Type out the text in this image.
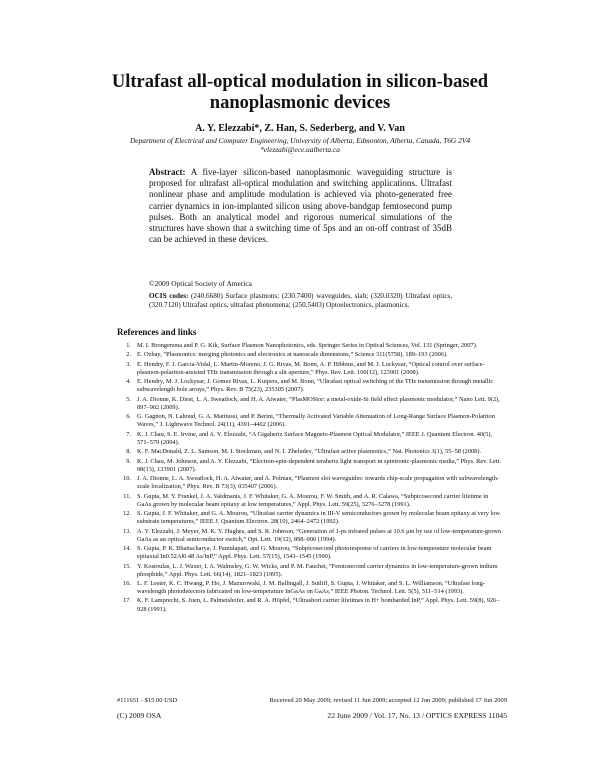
Ultrafast all-optical modulation in silicon-based nanoplasmonic devices
A. Y. Elezzabi*, Z. Han, S. Sederberg, and V. Van
Department of Electrical and Computer Engineering, University of Alberta, Edmonton, Alberta, Canada, T6G 2V4
*elezzabi@ece.ualberta.ca
Abstract: A five-layer silicon-based nanoplasmonic waveguiding structure is proposed for ultrafast all-optical modulation and switching applications. Ultrafast nonlinear phase and amplitude modulation is achieved via photo-generated free carrier dynamics in ion-implanted silicon using above-bandgap femtosecond pump pulses. Both an analytical model and rigorous numerical simulations of the structures have shown that a switching time of 5ps and an on-off contrast of 35dB can be achieved in these devices.
©2009 Optical Society of America
OCIS codes: (240.6680) Surface plasmons; (230.7400) waveguides, slab; (320.0320) Ultrafast optics, (320.7120) Ultrafast optics, ultrafast phenomena; (250.5403) Optoelectronics, plasmonics.
References and links
1. M. I. Brongersma and P. G. Kik, Surface Plasmon Nanophotonics, eds. Springer Series in Optical Sciences, Vol. 131 (Springer, 2007).
2. E. Ozbay, “Plasmonics: merging photonics and electronics at nanoscale dimensions,” Science 311(5758), 189–193 (2006).
3. E. Hendry, F. J. Garcia-Vidal, L. Martin-Moreno, J. G. Rivas, M. Bonn, A. P. Hibbins, and M. J. Lockyear, “Optical control over surface-plasmon-polariton-assisted THz transmission through a slit aperture,” Phys. Rev. Lett. 100(12), 123901 (2008).
4. E. Hendry, M. J. Lockyear, J. Gomez Rivas, L. Kuipers, and M. Bonn, “Ultrafast optical switching of the THz transmission through metallic subwavelength hole arrays,” Phys. Rev. B 75(23), 235305 (2007).
5. J. A. Dionne, K. Diest, L. A. Sweatlock, and H. A. Atwater, “PlasMOStor: a metal-oxide-Si field effect plasmonic modulator,” Nano Lett. 9(2), 897–902 (2009).
6. G. Gagnon, N. Lahoud, G. A. Mattiussi, and P. Berini, “Thermally Activated Variable Attenuation of Long-Range Surface Plasmon-Polariton Waves,” J. Lightwave Technol. 24(11), 4391–4402 (2006).
7. K. J. Chau, S. E. Irvine, and A. Y. Elezzabi, “A Gigahertz Surface Magneto-Plasmon Optical Modulator,” IEEE J. Quantum Electron. 40(5), 571–579 (2004).
8. K. F. MacDonald, Z. L. Samson, M. I. Stockman, and N. I. Zheludev, “Ultrafast active plasmonics,” Nat. Photonics 3(1), 55–58 (2008).
9. K. J. Chau, M. Johnson, and A. Y. Elezzabi, “Electron-spin-dependent terahertz light transport in spintronic-plasmonic media,” Phys. Rev. Lett. 98(13), 133901 (2007).
10. J. A. Dionne, L. A. Sweatlock, H. A. Atwater, and A. Polman, “Plasmon slot waveguides: towards chip-scale propagation with subwavelength-scale localization,” Phys. Rev. B 73(3), 035407 (2006).
11. S. Gupta, M. Y. Frankel, J. A. Valdmanis, J. F. Whitaker, G. A. Mourou, F. W. Smith, and A. R. Calawa, “Subpicosecond carrier lifetime in GaAs grown by molecular beam epitaxy at low temperatures,” Appl. Phys. Lett. 59(25), 3276–3278 (1991).
12. S. Gupta, J. F. Whitaker, and G. A. Mourou, “Ultrafast carrier dynamics in III-V semiconductors grown by molecular beam epitaxy at very low substrate temperatures,” IEEE J. Quantum Electron. 28(10), 2464–2472 (1992).
13. A. Y. Elezzabi, J. Meyer, M. K. Y. Hughes, and S. R. Johnson, “Generation of 1-ps infrared pulses at 10.6 μm by use of low-temperature-grown GaAs as an optical semiconductor switch,” Opt. Lett. 19(12), 898–900 (1994).
14. S. Gupta, P. K. Bhattacharya, J. Pamulapati, and G. Mourou, “Subpicosecond photoresponse of carriers in low-temperature molecular beam epitaxial In0.52Al0.48 As/InP,” Appl. Phys. Lett. 57(15), 1543–1545 (1990).
15. Y. Kostoulas, L. J. Waxer, I. A. Walmsley, G. W. Wicks, and P. M. Fauchet, “Femtosecond carrier dynamics in low-temperature-grown indium phosphide,” Appl. Phys. Lett. 66(14), 1821–1823 (1995).
16. L. F. Lester, K. C. Hwang, P. Ho, J. Mazurowski, J. M. Ballingall, J. Sutliff, S. Gupta, J. Whitaker, and S. L. Williamson, “Ultrafast long-wavelength photodetectors fabricated on low-temperature InGaAs on GaAs,” IEEE Photon. Technol. Lett. 5(5), 511–514 (1993).
17. K. F. Lamprecht, S. Juen, L. Palmetshofer, and R. A. Höpfel, “Ultrashort carrier lifetimes in H+ bombarded InP,” Appl. Phys. Lett. 59(8), 926–928 (1991).
#111651 - $15.00 USD	Received 20 May 2009; revised 11 Jun 2009; accepted 12 Jun 2009; published 17 Jun 2009
(C) 2009 OSA	22 June 2009 / Vol. 17, No. 13 / OPTICS EXPRESS 11045
